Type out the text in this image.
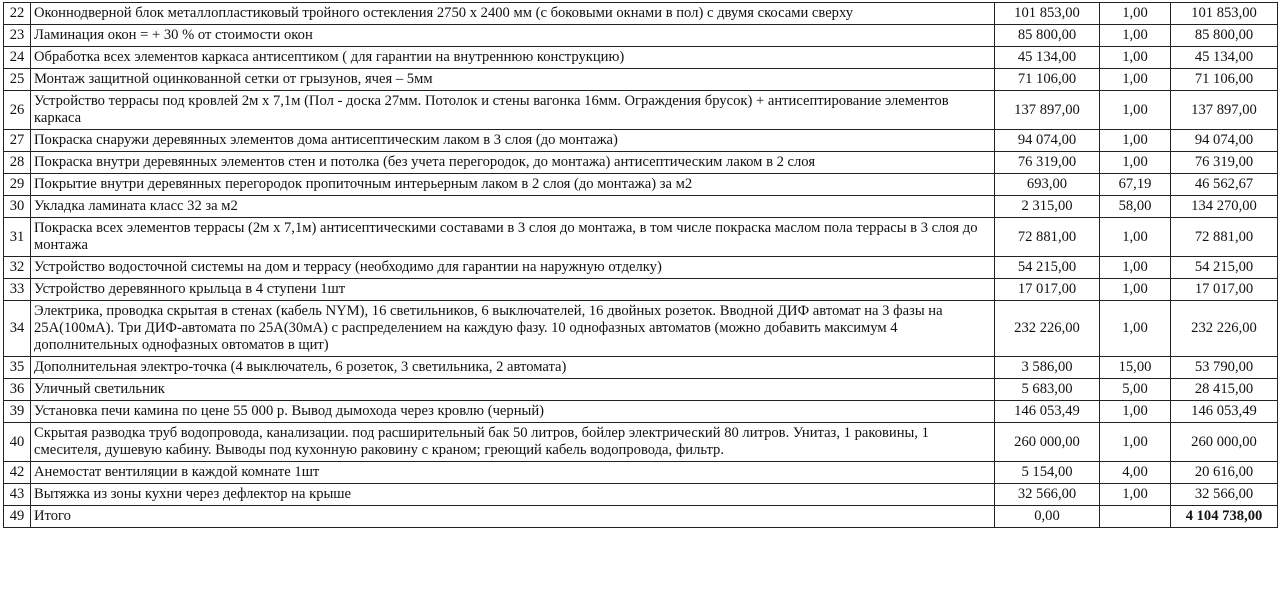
22	Оконнодверной блок металлопластиковый тройного остекления 2750 х 2400 мм (с боковыми окнами в пол) с двумя скосами сверху	101 853,00	1,00	101 853,00
23	Ламинация окон = + 30 % от стоимости окон	85 800,00	1,00	85 800,00
24	Обработка всех элементов каркаса антисептиком ( для гарантии на внутреннюю конструкцию)	45 134,00	1,00	45 134,00
25	Монтаж защитной оцинкованной сетки от грызунов, ячея – 5мм	71 106,00	1,00	71 106,00
26	Устройство террасы под кровлей 2м х 7,1м (Пол - доска 27мм. Потолок и стены вагонка 16мм. Ограждения брусок) + антисептирование элементов каркаса	137 897,00	1,00	137 897,00
27	Покраска снаружи деревянных элементов дома антисептическим лаком в 3 слоя (до монтажа)	94 074,00	1,00	94 074,00
28	Покраска внутри деревянных элементов стен и потолка (без учета перегородок, до монтажа) антисептическим лаком в 2 слоя	76 319,00	1,00	76 319,00
29	Покрытие внутри деревянных перегородок пропиточным интерьерным лаком в 2 слоя (до монтажа) за м2	693,00	67,19	46 562,67
30	Укладка ламината класс 32 за м2	2 315,00	58,00	134 270,00
31	Покраска всех элементов террасы (2м х 7,1м) антисептическими составами в 3 слоя до монтажа, в том числе покраска маслом пола террасы в 3 слоя до монтажа	72 881,00	1,00	72 881,00
32	Устройство водосточной системы на дом и террасу (необходимо для гарантии на наружную отделку)	54 215,00	1,00	54 215,00
33	Устройство деревянного крыльца в 4 ступени 1шт	17 017,00	1,00	17 017,00
34	Электрика, проводка скрытая в стенах (кабель NYM), 16 светильников, 6 выключателей, 16 двойных розеток. Вводной ДИФ автомат на 3 фазы на 25А(100мА). Три ДИФ-автомата по 25А(30мА) с распределением на каждую фазу. 10 однофазных автоматов (можно добавить максимум 4 дополнительных однофазных овтоматов в щит)	232 226,00	1,00	232 226,00
35	Дополнительная электро-точка (4 выключатель, 6 розеток, 3 светильника, 2 автомата)	3 586,00	15,00	53 790,00
36	Уличный светильник	5 683,00	5,00	28 415,00
39	Установка печи камина по цене 55 000 р. Вывод дымохода через кровлю (черный)	146 053,49	1,00	146 053,49
40	Скрытая разводка труб водопровода, канализации. под расширительный бак 50 литров, бойлер электрический 80 литров. Унитаз, 1 раковины, 1 смесителя, душевую кабину. Выводы под кухонную раковину с краном; греющий кабель водопровода, фильтр.	260 000,00	1,00	260 000,00
42	Анемостат вентиляции в каждой комнате 1шт	5 154,00	4,00	20 616,00
43	Вытяжка из зоны кухни через дефлектор на крыше	32 566,00	1,00	32 566,00
49	Итого	0,00		4 104 738,00
